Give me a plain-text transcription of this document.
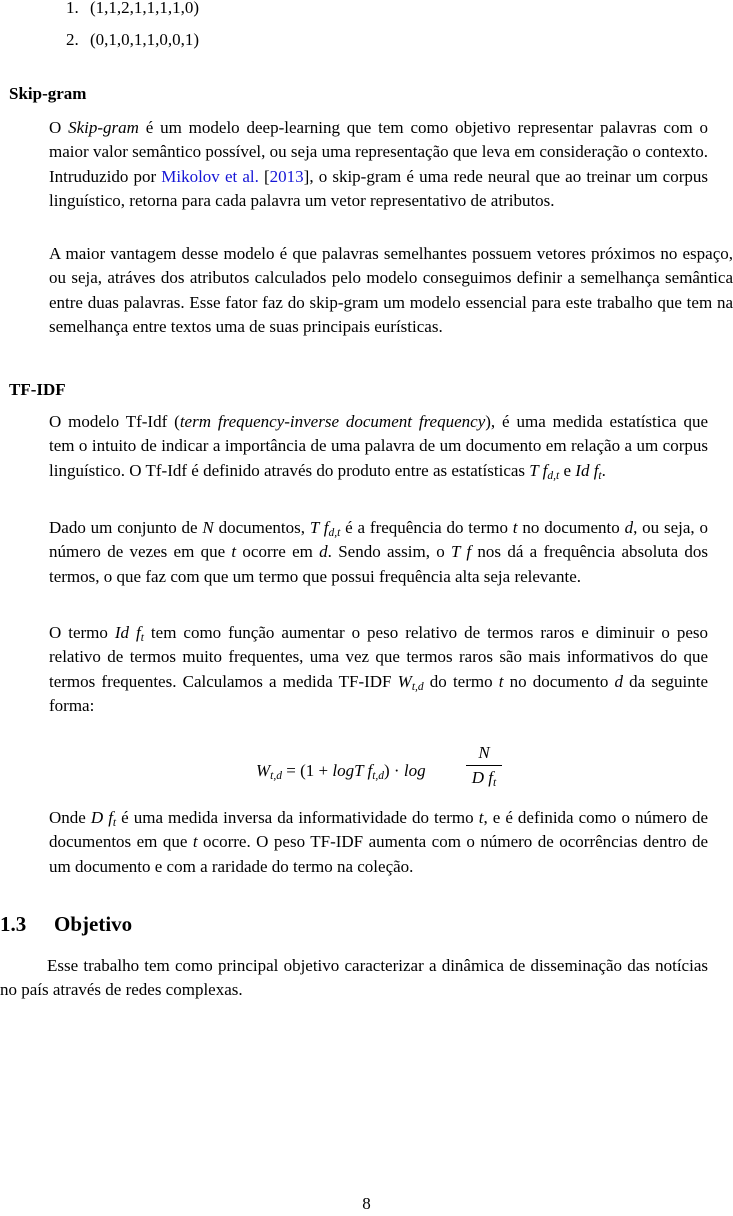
1. (1,1,2,1,1,1,1,0)
2. (0,1,0,1,1,0,0,1)
Skip-gram
O Skip-gram é um modelo deep-learning que tem como objetivo representar palavras com o maior valor semântico possível, ou seja uma representação que leva em consideração o contexto. Intruduzido por Mikolov et al. [2013], o skip-gram é uma rede neural que ao treinar um corpus linguístico, retorna para cada palavra um vetor representativo de atributos.
A maior vantagem desse modelo é que palavras semelhantes possuem vetores próximos no espaço, ou seja, atráves dos atributos calculados pelo modelo conseguimos definir a semelhança semântica entre duas palavras. Esse fator faz do skip-gram um modelo essencial para este trabalho que tem na semelhança entre textos uma de suas principais eurísticas.
TF-IDF
O modelo Tf-Idf (term frequency-inverse document frequency), é uma medida estatística que tem o intuito de indicar a importância de uma palavra de um documento em relação a um corpus linguístico. O Tf-Idf é definido através do produto entre as estatísticas T $f_{d,t}$ e Id $f_t$.
Dado um conjunto de N documentos, T $f_{d,t}$ é a frequência do termo t no documento d, ou seja, o número de vezes em que t ocorre em d. Sendo assim, o T f nos dá a frequência absoluta dos termos, o que faz com que um termo que possui frequência alta seja relevante.
O termo Id $f_t$ tem como função aumentar o peso relativo de termos raros e diminuir o peso relativo de termos muito frequentes, uma vez que termos raros são mais informativos do que termos frequentes. Calculamos a medida TF-IDF $W_{t,d}$ do termo t no documento d da seguinte forma:
$W_{t,d} = (1 + \log T$ $f_{t,d}) \cdot \log$
N
D $f_t$
Onde D $f_t$ é uma medida inversa da informatividade do termo t, e é definida como o número de documentos em que t ocorre. O peso TF-IDF aumenta com o número de ocorrências dentro de um documento e com a raridade do termo na coleção.
1.3 Objetivo
Esse trabalho tem como principal objetivo caracterizar a dinâmica de disseminação das notícias no país através de redes complexas.
8
